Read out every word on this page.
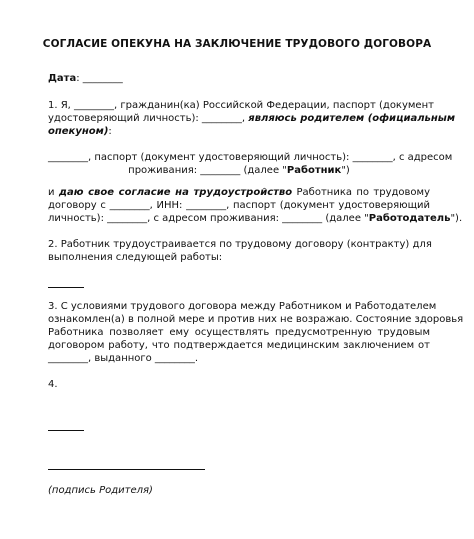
СОГЛАСИЕ ОПЕКУНА НА ЗАКЛЮЧЕНИЕ ТРУДОВОГО ДОГОВОРА
Дата: ________
1. Я, ________, гражданин(ка) Российской Федерации, паспорт (документ
удостоверяющий личность): ________, являюсь родителем (официальным
опекуном):
________, паспорт (документ удостоверяющий личность): ________, с адресом
проживания: ________ (далее "Работник")
и даю свое согласие на трудоустройство Работника по трудовому
договору с ________, ИНН: ________, паспорт (документ удостоверяющий
личность): ________, с адресом проживания: ________ (далее "Работодатель").
2. Работник трудоустраивается по трудовому договору (контракту) для
выполнения следующей работы:
3. С условиями трудового договора между Работником и Работодателем
ознакомлен(а) в полной мере и против них не возражаю. Состояние здоровья
Работника позволяет ему осуществлять предусмотренную трудовым
договором работу, что подтверждается медицинским заключением от
________, выданного ________.
4.
(подпись Родителя)
